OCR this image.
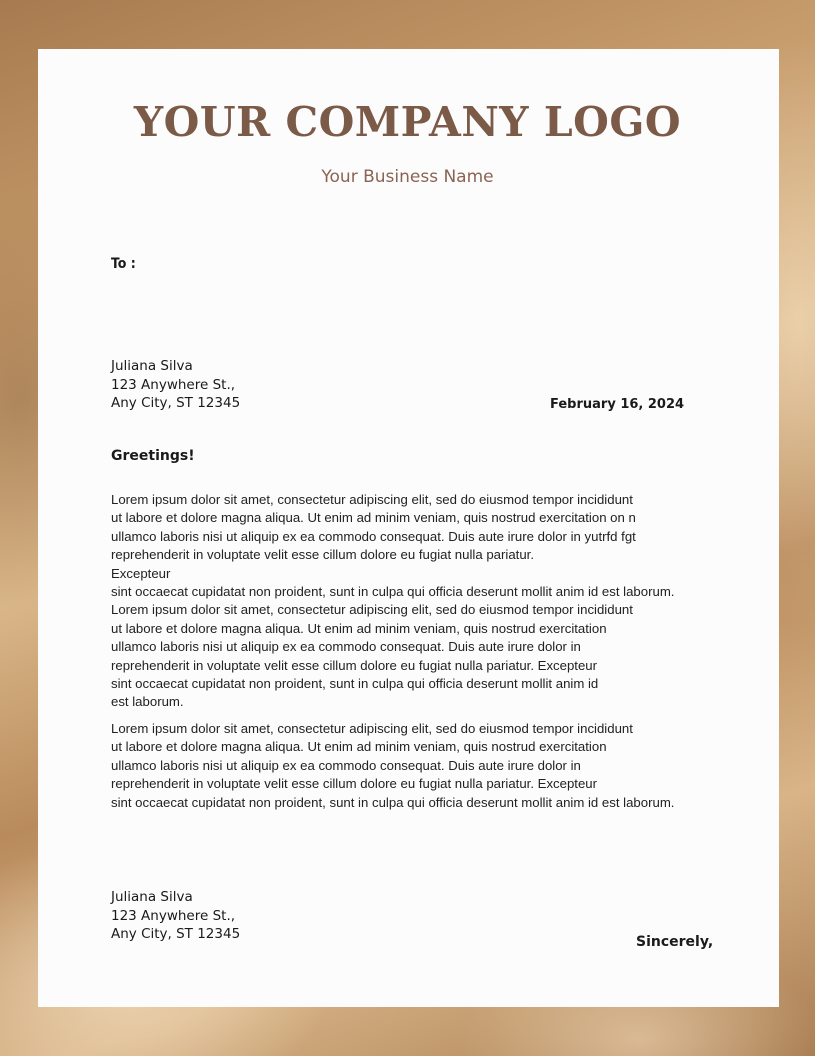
YOUR COMPANY LOGO
Your Business Name
To :
Juliana Silva
123 Anywhere St.,
Any City, ST 12345	February 16, 2024
Greetings!
Lorem ipsum dolor sit amet, consectetur adipiscing elit, sed do eiusmod tempor incididunt
ut labore et dolore magna aliqua. Ut enim ad minim veniam, quis nostrud exercitation on n
ullamco laboris nisi ut aliquip ex ea commodo consequat. Duis aute irure dolor in yutrfd fgt
reprehenderit in voluptate velit esse cillum dolore eu fugiat nulla pariatur.
Excepteur
sint occaecat cupidatat non proident, sunt in culpa qui officia deserunt mollit anim id est laborum.
Lorem ipsum dolor sit amet, consectetur adipiscing elit, sed do eiusmod tempor incididunt
ut labore et dolore magna aliqua. Ut enim ad minim veniam, quis nostrud exercitation
ullamco laboris nisi ut aliquip ex ea commodo consequat. Duis aute irure dolor in
reprehenderit in voluptate velit esse cillum dolore eu fugiat nulla pariatur. Excepteur
sint occaecat cupidatat non proident, sunt in culpa qui officia deserunt mollit anim id
est laborum.
Lorem ipsum dolor sit amet, consectetur adipiscing elit, sed do eiusmod tempor incididunt
ut labore et dolore magna aliqua. Ut enim ad minim veniam, quis nostrud exercitation
ullamco laboris nisi ut aliquip ex ea commodo consequat. Duis aute irure dolor in
reprehenderit in voluptate velit esse cillum dolore eu fugiat nulla pariatur. Excepteur
sint occaecat cupidatat non proident, sunt in culpa qui officia deserunt mollit anim id est laborum.
Juliana Silva
123 Anywhere St.,
Any City, ST 12345	Sincerely,
